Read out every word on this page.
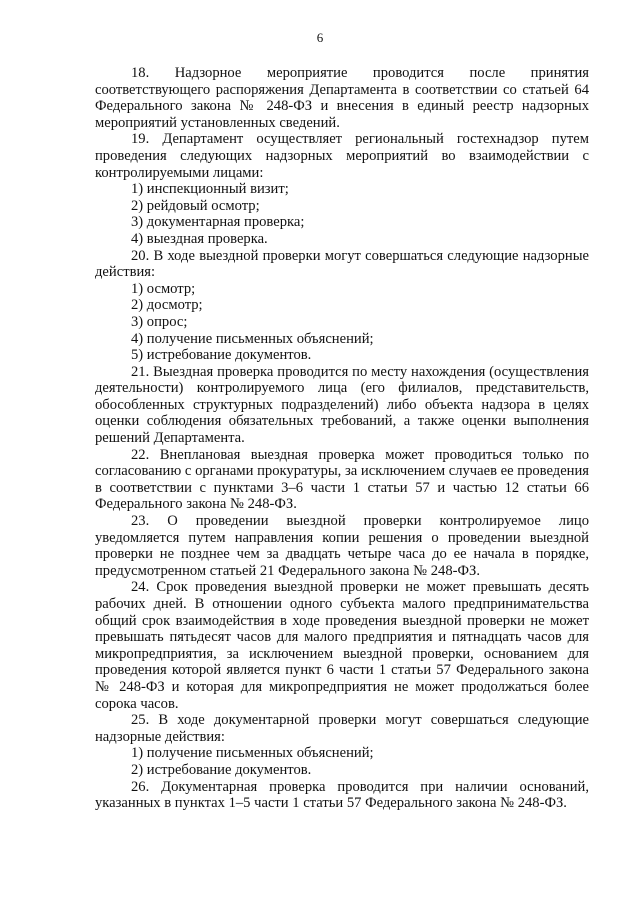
6

18. Надзорное мероприятие проводится после принятия соответствующего распоряжения Департамента в соответствии со статьей 64 Федерального закона № 248-ФЗ и внесения в единый реестр надзорных мероприятий установленных сведений.

19. Департамент осуществляет региональный гостехнадзор путем проведения следующих надзорных мероприятий во взаимодействии с контролируемыми лицами:

1) инспекционный визит;

2) рейдовый осмотр;

3) документарная проверка;

4) выездная проверка.

20. В ходе выездной проверки могут совершаться следующие надзорные действия:

1) осмотр;

2) досмотр;

3) опрос;

4) получение письменных объяснений;

5) истребование документов.

21. Выездная проверка проводится по месту нахождения (осуществления деятельности) контролируемого лица (его филиалов, представительств, обособленных структурных подразделений) либо объекта надзора в целях оценки соблюдения обязательных требований, а также оценки выполнения решений Департамента.

22. Внеплановая выездная проверка может проводиться только по согласованию с органами прокуратуры, за исключением случаев ее проведения в соответствии с пунктами 3–6 части 1 статьи 57 и частью 12 статьи 66 Федерального закона № 248-ФЗ.

23. О проведении выездной проверки контролируемое лицо уведомляется путем направления копии решения о проведении выездной проверки не позднее чем за двадцать четыре часа до ее начала в порядке, предусмотренном статьей 21 Федерального закона № 248-ФЗ.

24. Срок проведения выездной проверки не может превышать десять рабочих дней. В отношении одного субъекта малого предпринимательства общий срок взаимодействия в ходе проведения выездной проверки не может превышать пятьдесят часов для малого предприятия и пятнадцать часов для микропредприятия, за исключением выездной проверки, основанием для проведения которой является пункт 6 части 1 статьи 57 Федерального закона № 248-ФЗ и которая для микропредприятия не может продолжаться более сорока часов.

25. В ходе документарной проверки могут совершаться следующие надзорные действия:

1) получение письменных объяснений;

2) истребование документов.

26. Документарная проверка проводится при наличии оснований, указанных в пунктах 1–5 части 1 статьи 57 Федерального закона № 248-ФЗ.
